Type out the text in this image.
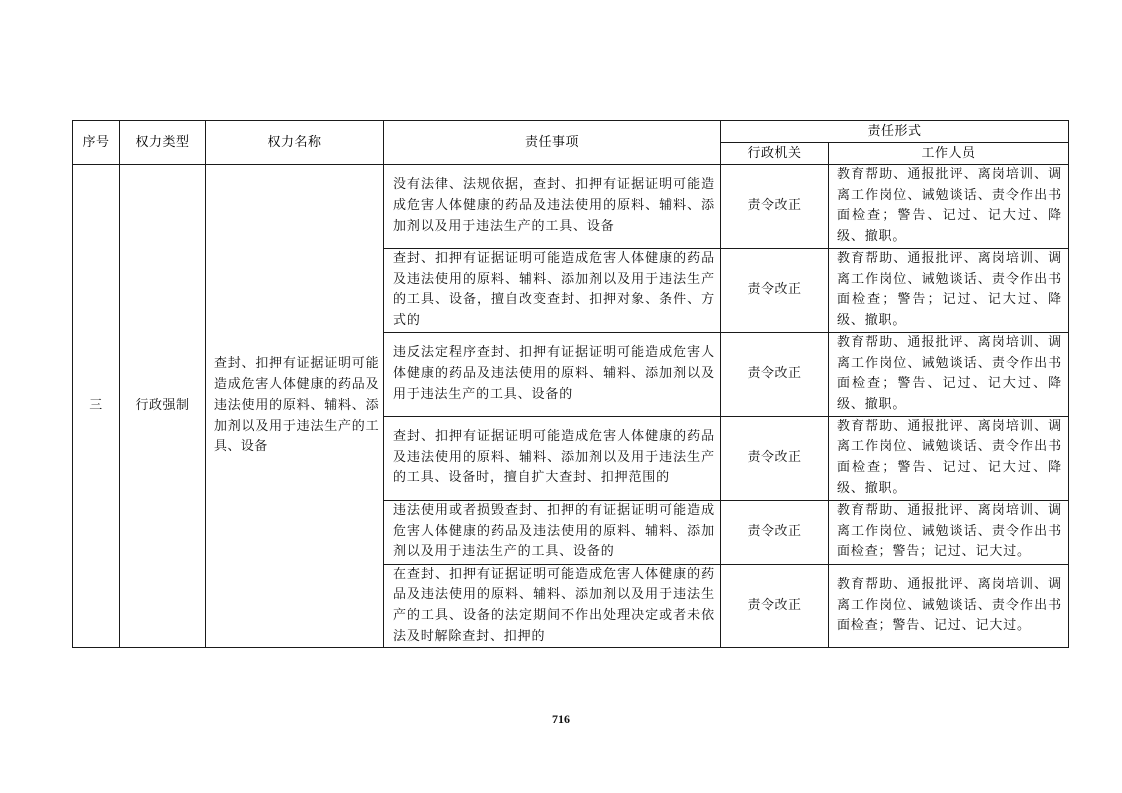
序号	权力类型	权力名称	责任事项	责任形式	
				行政机关	工作人员
三	行政强制	查封、扣押有证据证明可能造成危害人体健康的药品及违法使用的原料、辅料、添加剂以及用于违法生产的工具、设备	没有法律、法规依据，查封、扣押有证据证明可能造成危害人体健康的药品及违法使用的原料、辅料、添加剂以及用于违法生产的工具、设备	责令改正	教育帮助、通报批评、离岗培训、调离工作岗位、诫勉谈话、责令作出书面检查；警告、记过、记大过、降级、撤职。
			查封、扣押有证据证明可能造成危害人体健康的药品及违法使用的原料、辅料、添加剂以及用于违法生产的工具、设备，擅自改变查封、扣押对象、条件、方式的	责令改正	教育帮助、通报批评、离岗培训、调离工作岗位、诫勉谈话、责令作出书面检查；警告；记过、记大过、降级、撤职。
			违反法定程序查封、扣押有证据证明可能造成危害人体健康的药品及违法使用的原料、辅料、添加剂以及用于违法生产的工具、设备的	责令改正	教育帮助、通报批评、离岗培训、调离工作岗位、诫勉谈话、责令作出书面检查；警告、记过、记大过、降级、撤职。
			查封、扣押有证据证明可能造成危害人体健康的药品及违法使用的原料、辅料、添加剂以及用于违法生产的工具、设备时，擅自扩大查封、扣押范围的	责令改正	教育帮助、通报批评、离岗培训、调离工作岗位、诫勉谈话、责令作出书面检查；警告、记过、记大过、降级、撤职。
			违法使用或者损毁查封、扣押的有证据证明可能造成危害人体健康的药品及违法使用的原料、辅料、添加剂以及用于违法生产的工具、设备的	责令改正	教育帮助、通报批评、离岗培训、调离工作岗位、诫勉谈话、责令作出书面检查；警告；记过、记大过。
			在查封、扣押有证据证明可能造成危害人体健康的药品及违法使用的原料、辅料、添加剂以及用于违法生产的工具、设备的法定期间不作出处理决定或者未依法及时解除查封、扣押的	责令改正	教育帮助、通报批评、离岗培训、调离工作岗位、诫勉谈话、责令作出书面检查；警告、记过、记大过。
716
